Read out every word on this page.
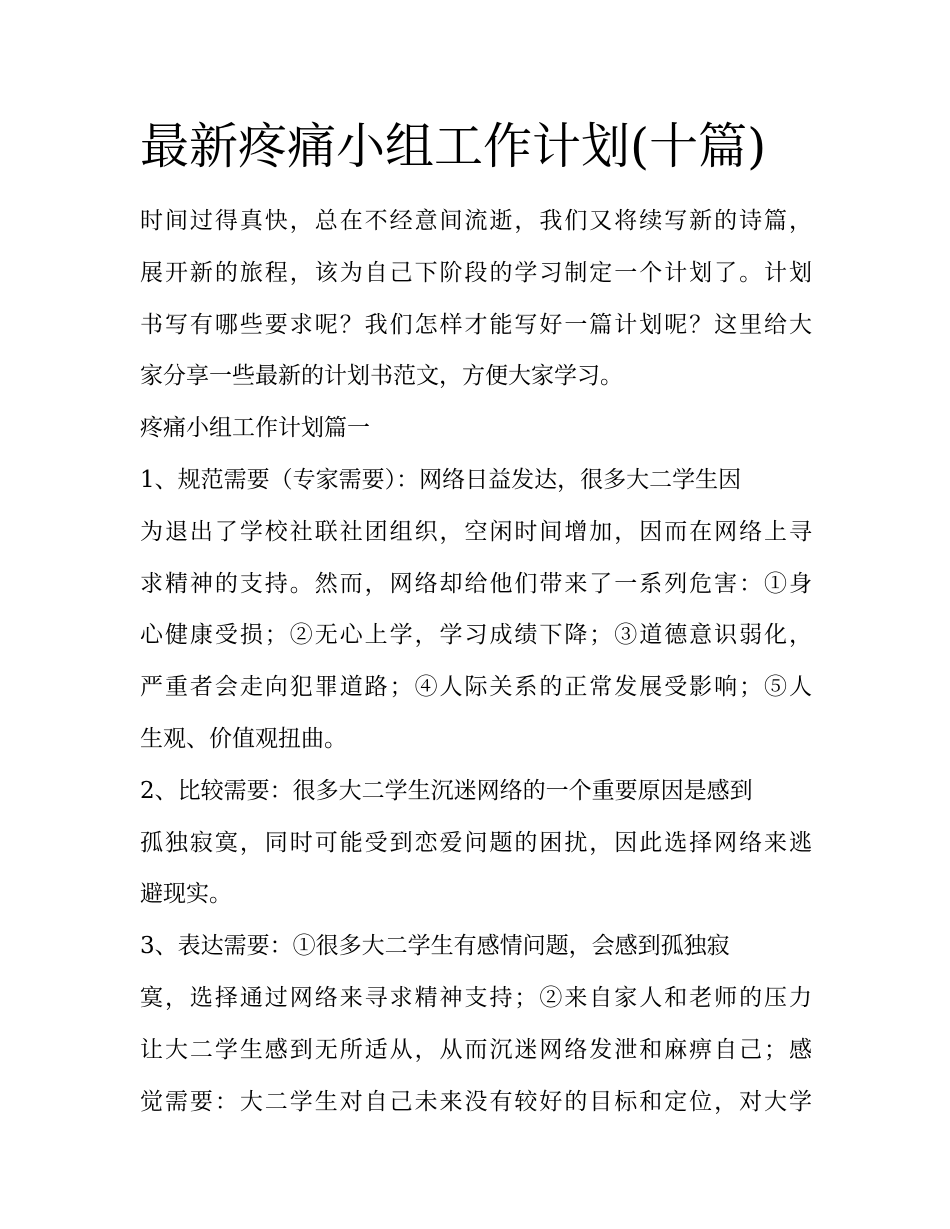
最新疼痛小组工作计划(十篇)
时间过得真快，总在不经意间流逝，我们又将续写新的诗篇，
展开新的旅程，该为自己下阶段的学习制定一个计划了。计划
书写有哪些要求呢？我们怎样才能写好一篇计划呢？这里给大
家分享一些最新的计划书范文，方便大家学习。
疼痛小组工作计划篇一
1、规范需要（专家需要）：网络日益发达，很多大二学生因
为退出了学校社联社团组织，空闲时间增加，因而在网络上寻
求精神的支持。然而，网络却给他们带来了一系列危害：①身
心健康受损；②无心上学，学习成绩下降；③道德意识弱化，
严重者会走向犯罪道路；④人际关系的正常发展受影响；⑤人
生观、价值观扭曲。
2、比较需要：很多大二学生沉迷网络的一个重要原因是感到
孤独寂寞，同时可能受到恋爱问题的困扰，因此选择网络来逃
避现实。
3、表达需要：①很多大二学生有感情问题，会感到孤独寂
寞，选择通过网络来寻求精神支持；②来自家人和老师的压力
让大二学生感到无所适从，从而沉迷网络发泄和麻痹自己；感
觉需要：大二学生对自己未来没有较好的目标和定位，对大学
